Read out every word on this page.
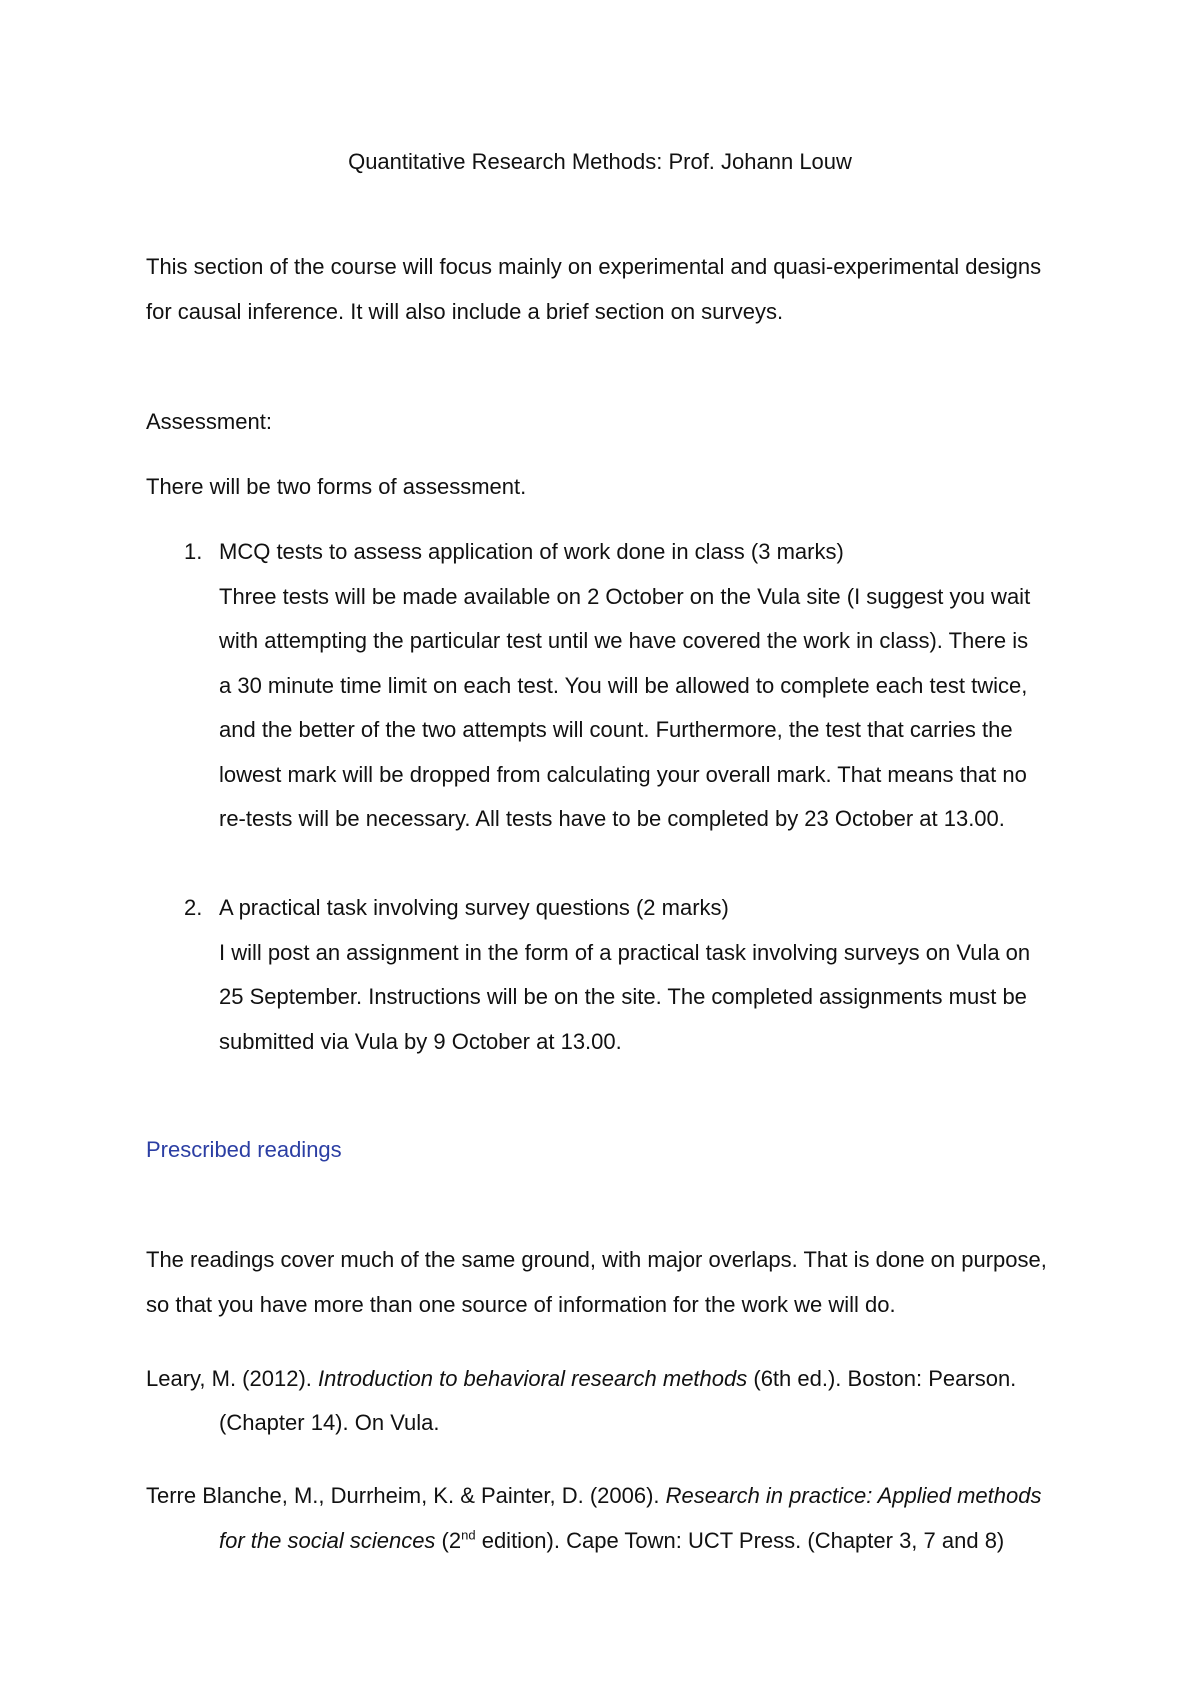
Quantitative Research Methods: Prof. Johann Louw
This section of the course will focus mainly on experimental and quasi-experimental designs
for causal inference. It will also include a brief section on surveys.
Assessment:
There will be two forms of assessment.
1. MCQ tests to assess application of work done in class (3 marks)
Three tests will be made available on 2 October on the Vula site (I suggest you wait
with attempting the particular test until we have covered the work in class). There is
a 30 minute time limit on each test. You will be allowed to complete each test twice,
and the better of the two attempts will count. Furthermore, the test that carries the
lowest mark will be dropped from calculating your overall mark. That means that no
re-tests will be necessary. All tests have to be completed by 23 October at 13.00.
2. A practical task involving survey questions (2 marks)
I will post an assignment in the form of a practical task involving surveys on Vula on
25 September. Instructions will be on the site. The completed assignments must be
submitted via Vula by 9 October at 13.00.
Prescribed readings
The readings cover much of the same ground, with major overlaps. That is done on purpose,
so that you have more than one source of information for the work we will do.
Leary, M. (2012). Introduction to behavioral research methods (6th ed.). Boston: Pearson.
(Chapter 14). On Vula.
Terre Blanche, M., Durrheim, K. & Painter, D. (2006). Research in practice: Applied methods
for the social sciences (2nd edition). Cape Town: UCT Press. (Chapter 3, 7 and 8)
